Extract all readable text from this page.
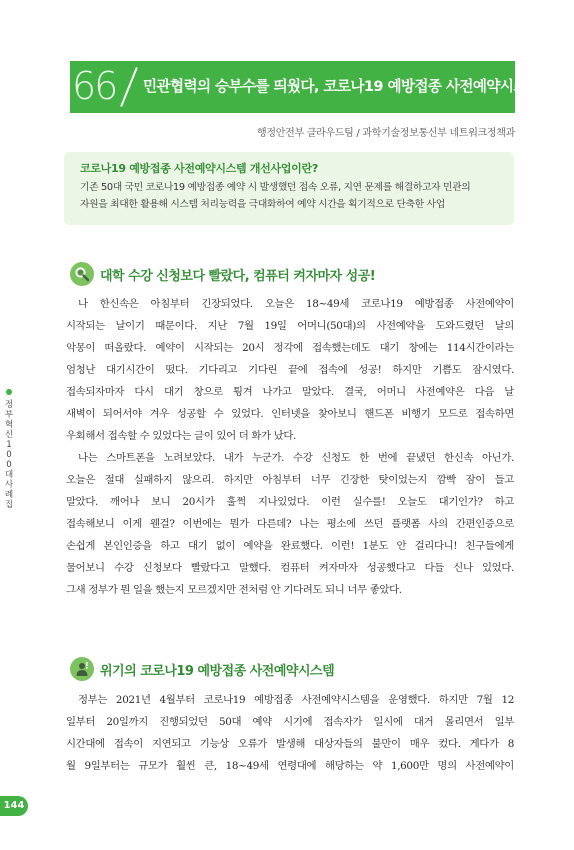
66	민관협력의 승부수를 띄웠다, 코로나19 예방접종 사전예약시스템
행정안전부 클라우드팀 / 과학기술정보통신부 네트워크정책과
코로나19 예방접종 사전예약시스템 개선사업이란?
기존 50대 국민 코로나19 예방접종 예약 시 발생했던 접속 오류, 지연 문제를 해결하고자 민관의
자원을 최대한 활용해 시스템 처리능력을 극대화하여 예약 시간을 획기적으로 단축한 사업
대학 수강 신청보다 빨랐다, 컴퓨터 켜자마자 성공!
나 한신속은 아침부터 긴장되었다. 오늘은 18~49세 코로나19 예방접종 사전예약이
시작되는 날이기 때문이다. 지난 7월 19일 어머니(50대)의 사전예약을 도와드렸던 날의
악몽이 떠올랐다. 예약이 시작되는 20시 정각에 접속했는데도 대기 창에는 114시간이라는
엄청난 대기시간이 떴다. 기다리고 기다린 끝에 접속에 성공! 하지만 기쁨도 잠시였다.
접속되자마자 다시 대기 창으로 튕겨 나가고 말았다. 결국, 어머니 사전예약은 다음 날
새벽이 되어서야 겨우 성공할 수 있었다. 인터넷을 찾아보니 핸드폰 비행기 모드로 접속하면
우회해서 접속할 수 있었다는 글이 있어 더 화가 났다.
나는 스마트폰을 노려보았다. 내가 누군가. 수강 신청도 한 번에 끝냈던 한신속 아닌가.
오늘은 절대 실패하지 않으리. 하지만 아침부터 너무 긴장한 탓이었는지 깜빡 잠이 들고
말았다. 깨어나 보니 20시가 훌쩍 지나있었다. 이런 실수를! 오늘도 대기인가? 하고
접속해보니 이게 웬걸? 이번에는 뭔가 다른데? 나는 평소에 쓰던 플랫폼 사의 간편인증으로
손쉽게 본인인증을 하고 대기 없이 예약을 완료했다. 이런! 1분도 안 걸리다니! 친구들에게
물어보니 수강 신청보다 빨랐다고 말했다. 컴퓨터 켜자마자 성공했다고 다들 신나 있었다.
그새 정부가 뭔 일을 했는지 모르겠지만 전처럼 안 기다려도 되니 너무 좋았다.
위기의 코로나19 예방접종 사전예약시스템
정부는 2021년 4월부터 코로나19 예방접종 사전예약시스템을 운영했다. 하지만 7월 12
일부터 20일까지 진행되었던 50대 예약 시기에 접속자가 일시에 대거 몰리면서 일부
시간대에 접속이 지연되고 기능상 오류가 발생해 대상자들의 불만이 매우 컸다. 게다가 8
월 9일부터는 규모가 훨씬 큰, 18~49세 연령대에 해당하는 약 1,600만 명의 사전예약이
정부혁신100대사례집
144
